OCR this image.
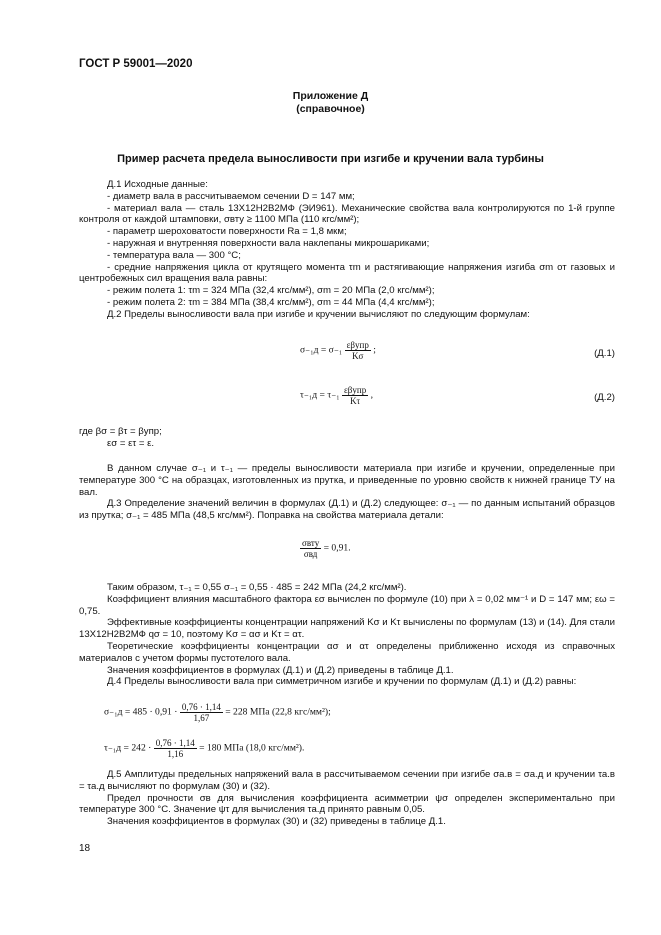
ГОСТ Р 59001—2020
Приложение Д
(справочное)
Пример расчета предела выносливости при изгибе и кручении вала турбины

Д.1 Исходные данные:

- диаметр вала в рассчитываемом сечении D = 147 мм;

- материал вала — сталь 13Х12Н2В2МФ (ЭИ961). Механические свойства вала контролируются по 1-й группе контроля от каждой штамповки, σвту ≥ 1100 МПа (110 кгс/мм²);

- параметр шероховатости поверхности Ra = 1,8 мкм;

- наружная и внутренняя поверхности вала наклепаны микрошариками;

- температура вала — 300 °С;

- средние напряжения цикла от крутящего момента τm и растягивающие напряжения изгиба σm от газовых и центробежных сил вращения вала равны:

- режим полета 1: τm = 324 МПа (32,4 кгс/мм²), σm = 20 МПа (2,0 кгс/мм²);

- режим полета 2: τm = 384 МПа (38,4 кгс/мм²), σm = 44 МПа (4,4 кгс/мм²);

Д.2 Пределы выносливости вала при изгибе и кручении вычисляют по следующим формулам:

$\sigma_{-1}д = \sigma_{-1} \frac{\text{εβупр}}{K\sigma}$ ;	(Д.1)
$\tau_{-1}д = \tau_{-1} \frac{\text{εβупр}}{K\tau}$ ,	(Д.2)

где βσ = βτ = βупр;

εσ = ετ = ε.

В данном случае σ₋₁ и τ₋₁ — пределы выносливости материала при изгибе и кручении, определенные при температуре 300 °С на образцах, изготовленных из прутка, и приведенные по уровню свойств к нижней границе ТУ на вал.

Д.3 Определение значений величин в формулах (Д.1) и (Д.2) следующее: σ₋₁ — по данным испытаний образцов из прутка; σ₋₁ = 485 МПа (48,5 кгс/мм²). Поправка на свойства материала детали:

$\frac{\text{σвту}}{\text{σвд}} = 0,91$.

Таким образом, τ₋₁ = 0,55 σ₋₁ = 0,55 · 485 = 242 МПа (24,2 кгс/мм²).

Коэффициент влияния масштабного фактора εσ вычислен по формуле (10) при λ = 0,02 мм⁻¹ и D = 147 мм; εω = 0,75.

Эффективные коэффициенты концентрации напряжений Kσ и Kτ вычислены по формулам (13) и (14). Для стали 13Х12Н2В2МФ qσ = 10, поэтому Kσ = ασ и Kτ = ατ.

Теоретические коэффициенты концентрации ασ и ατ определены приближенно исходя из справочных материалов с учетом формы пустотелого вала.

Значения коэффициентов в формулах (Д.1) и (Д.2) приведены в таблице Д.1.

Д.4 Пределы выносливости вала при симметричном изгибе и кручении по формулам (Д.1) и (Д.2) равны:

$\sigma_{-1}д = 485 \cdot 0,91 \cdot \frac{0,76 \cdot 1,14}{1,67} = 228$ МПа (22,8 кгс/мм²);
$\tau_{-1}д = 242 \cdot \frac{0,76 \cdot 1,14}{1,16} = 180$ МПа (18,0 кгс/мм²).

Д.5 Амплитуды предельных напряжений вала в рассчитываемом сечении при изгибе σа.в = σа.д и кручении τа.в = τа.д вычисляют по формулам (30) и (32).

Предел прочности σв для вычисления коэффициента асимметрии ψσ определен экспериментально при температуре 300 °С. Значение ψτ для вычисления τа.д принято равным 0,05.

Значения коэффициентов в формулах (30) и (32) приведены в таблице Д.1.

18
